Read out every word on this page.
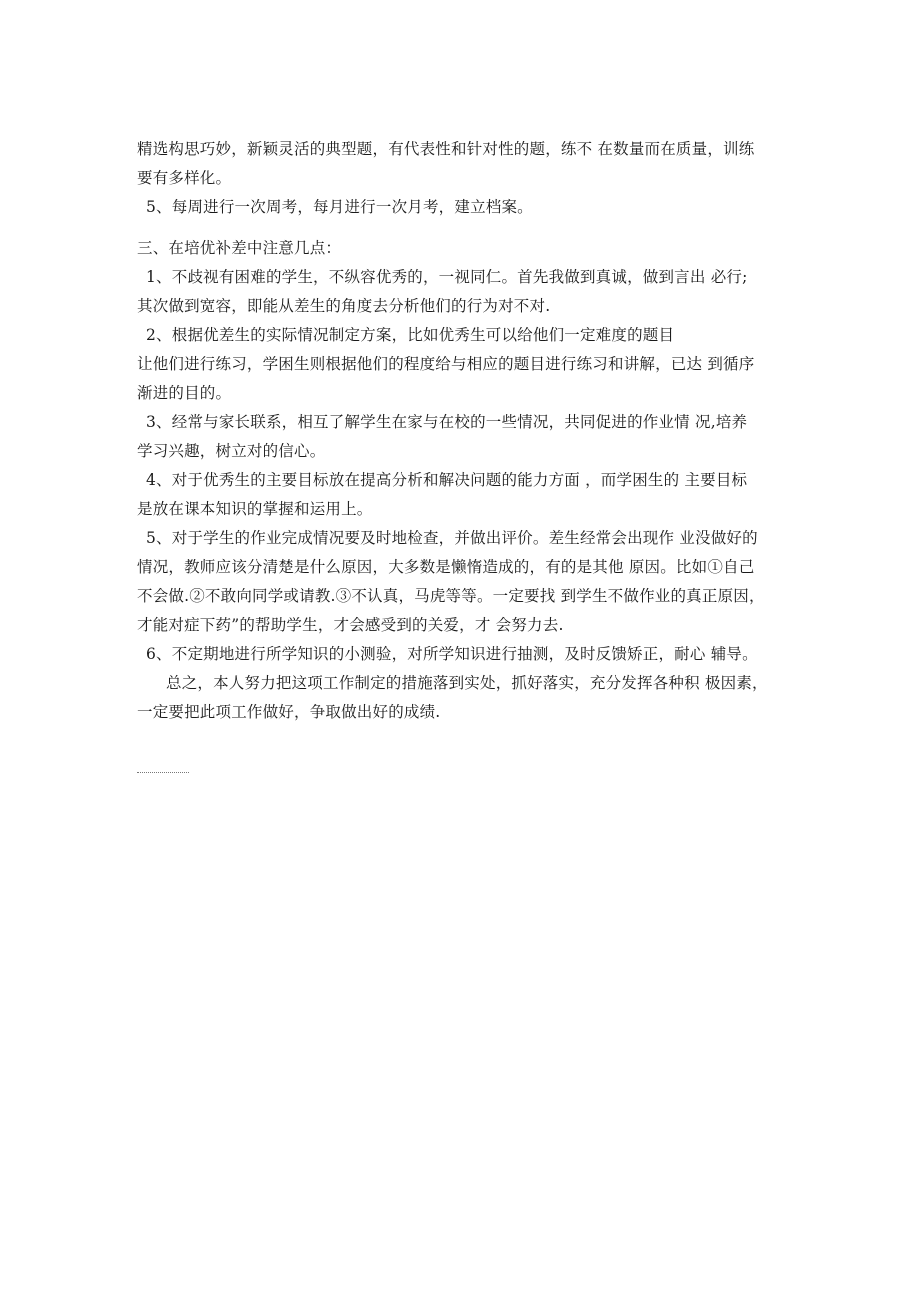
精选构思巧妙，新颖灵活的典型题，有代表性和针对性的题，练不 在数量而在质量，训练
要有多样化。
5、每周进行一次周考，每月进行一次月考，建立档案。
三、在培优补差中注意几点：
1、不歧视有困难的学生，不纵容优秀的，一视同仁。首先我做到真诚，做到言出 必行;
其次做到宽容，即能从差生的角度去分析他们的行为对不对.
2、根据优差生的实际情况制定方案，比如优秀生可以给他们一定难度的题目
让他们进行练习，学困生则根据他们的程度给与相应的题目进行练习和讲解，已达 到循序
渐进的目的。
3、经常与家长联系，相互了解学生在家与在校的一些情况，共同促进的作业情 况,培养
学习兴趣，树立对的信心。
4、对于优秀生的主要目标放在提高分析和解决问题的能力方面 ，而学困生的 主要目标
是放在课本知识的掌握和运用上。
5、对于学生的作业完成情况要及时地检查，并做出评价。差生经常会出现作 业没做好的
情况，教师应该分清楚是什么原因，大多数是懒惰造成的，有的是其他 原因。比如①自己
不会做.②不敢向同学或请教.③不认真，马虎等等。一定要找 到学生不做作业的真正原因，
才能对症下药”的帮助学生，才会感受到的关爱，才 会努力去.
6、不定期地进行所学知识的小测验，对所学知识进行抽测，及时反馈矫正，耐心 辅导。
总之，本人努力把这项工作制定的措施落到实处，抓好落实，充分发挥各种积 极因素，
一定要把此项工作做好，争取做出好的成绩.
